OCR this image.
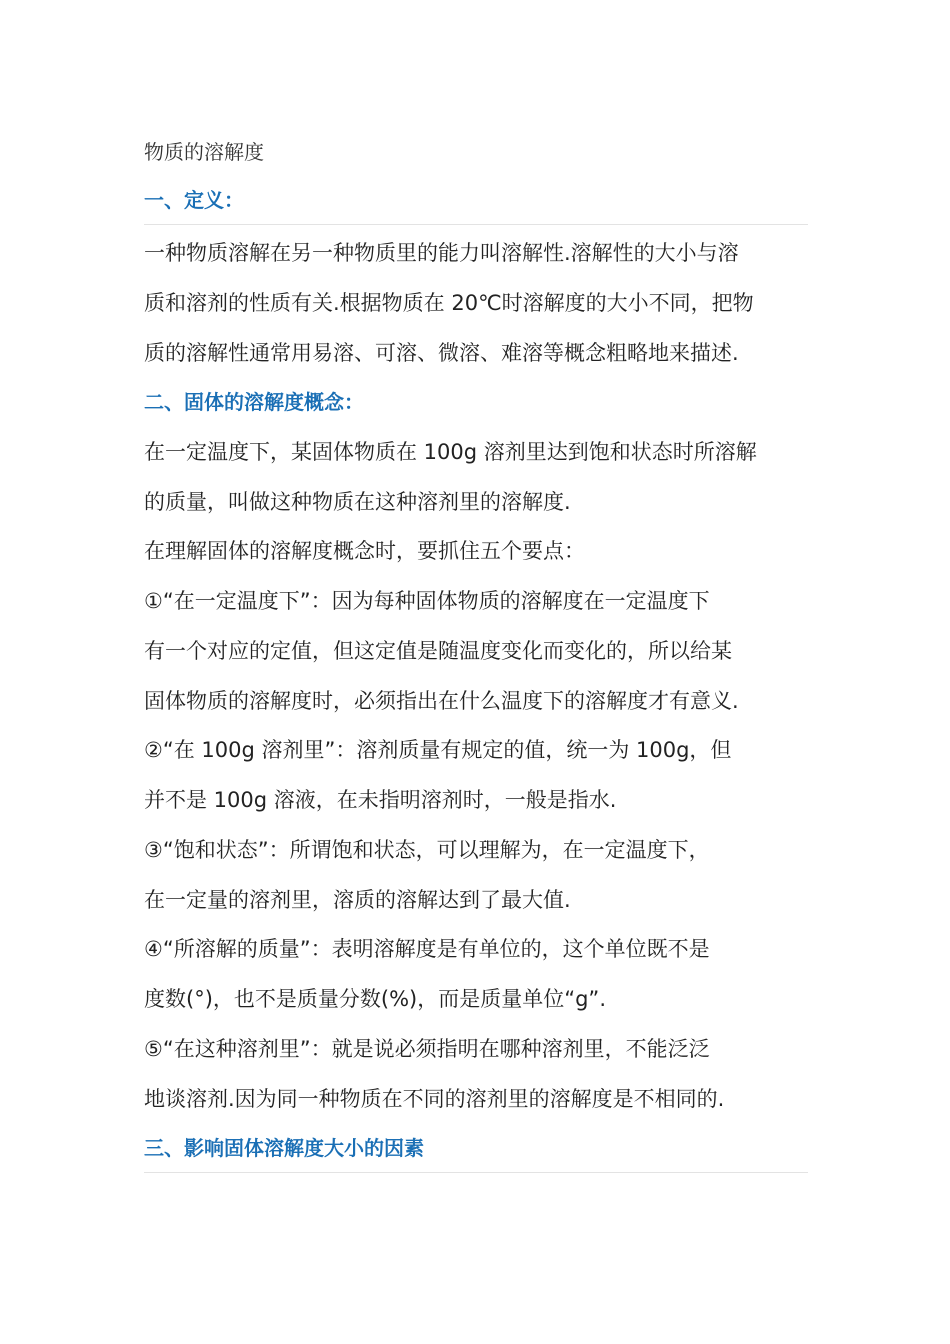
物质的溶解度
一、定义：
一种物质溶解在另一种物质里的能力叫溶解性.溶解性的大小与溶
质和溶剂的性质有关.根据物质在 20℃时溶解度的大小不同，把物
质的溶解性通常用易溶、可溶、微溶、难溶等概念粗略地来描述.
二、固体的溶解度概念：
在一定温度下，某固体物质在 100g 溶剂里达到饱和状态时所溶解
的质量，叫做这种物质在这种溶剂里的溶解度.
在理解固体的溶解度概念时，要抓住五个要点：
①“在一定温度下”：因为每种固体物质的溶解度在一定温度下
有一个对应的定值，但这定值是随温度变化而变化的，所以给某
固体物质的溶解度时，必须指出在什么温度下的溶解度才有意义.
②“在 100g 溶剂里”：溶剂质量有规定的值，统一为 100g，但
并不是 100g 溶液，在未指明溶剂时，一般是指水.
③“饱和状态”：所谓饱和状态，可以理解为，在一定温度下，
在一定量的溶剂里，溶质的溶解达到了最大值.
④“所溶解的质量”：表明溶解度是有单位的，这个单位既不是
度数(°)，也不是质量分数(%)，而是质量单位“g”.
⑤“在这种溶剂里”：就是说必须指明在哪种溶剂里，不能泛泛
地谈溶剂.因为同一种物质在不同的溶剂里的溶解度是不相同的.
三、影响固体溶解度大小的因素
